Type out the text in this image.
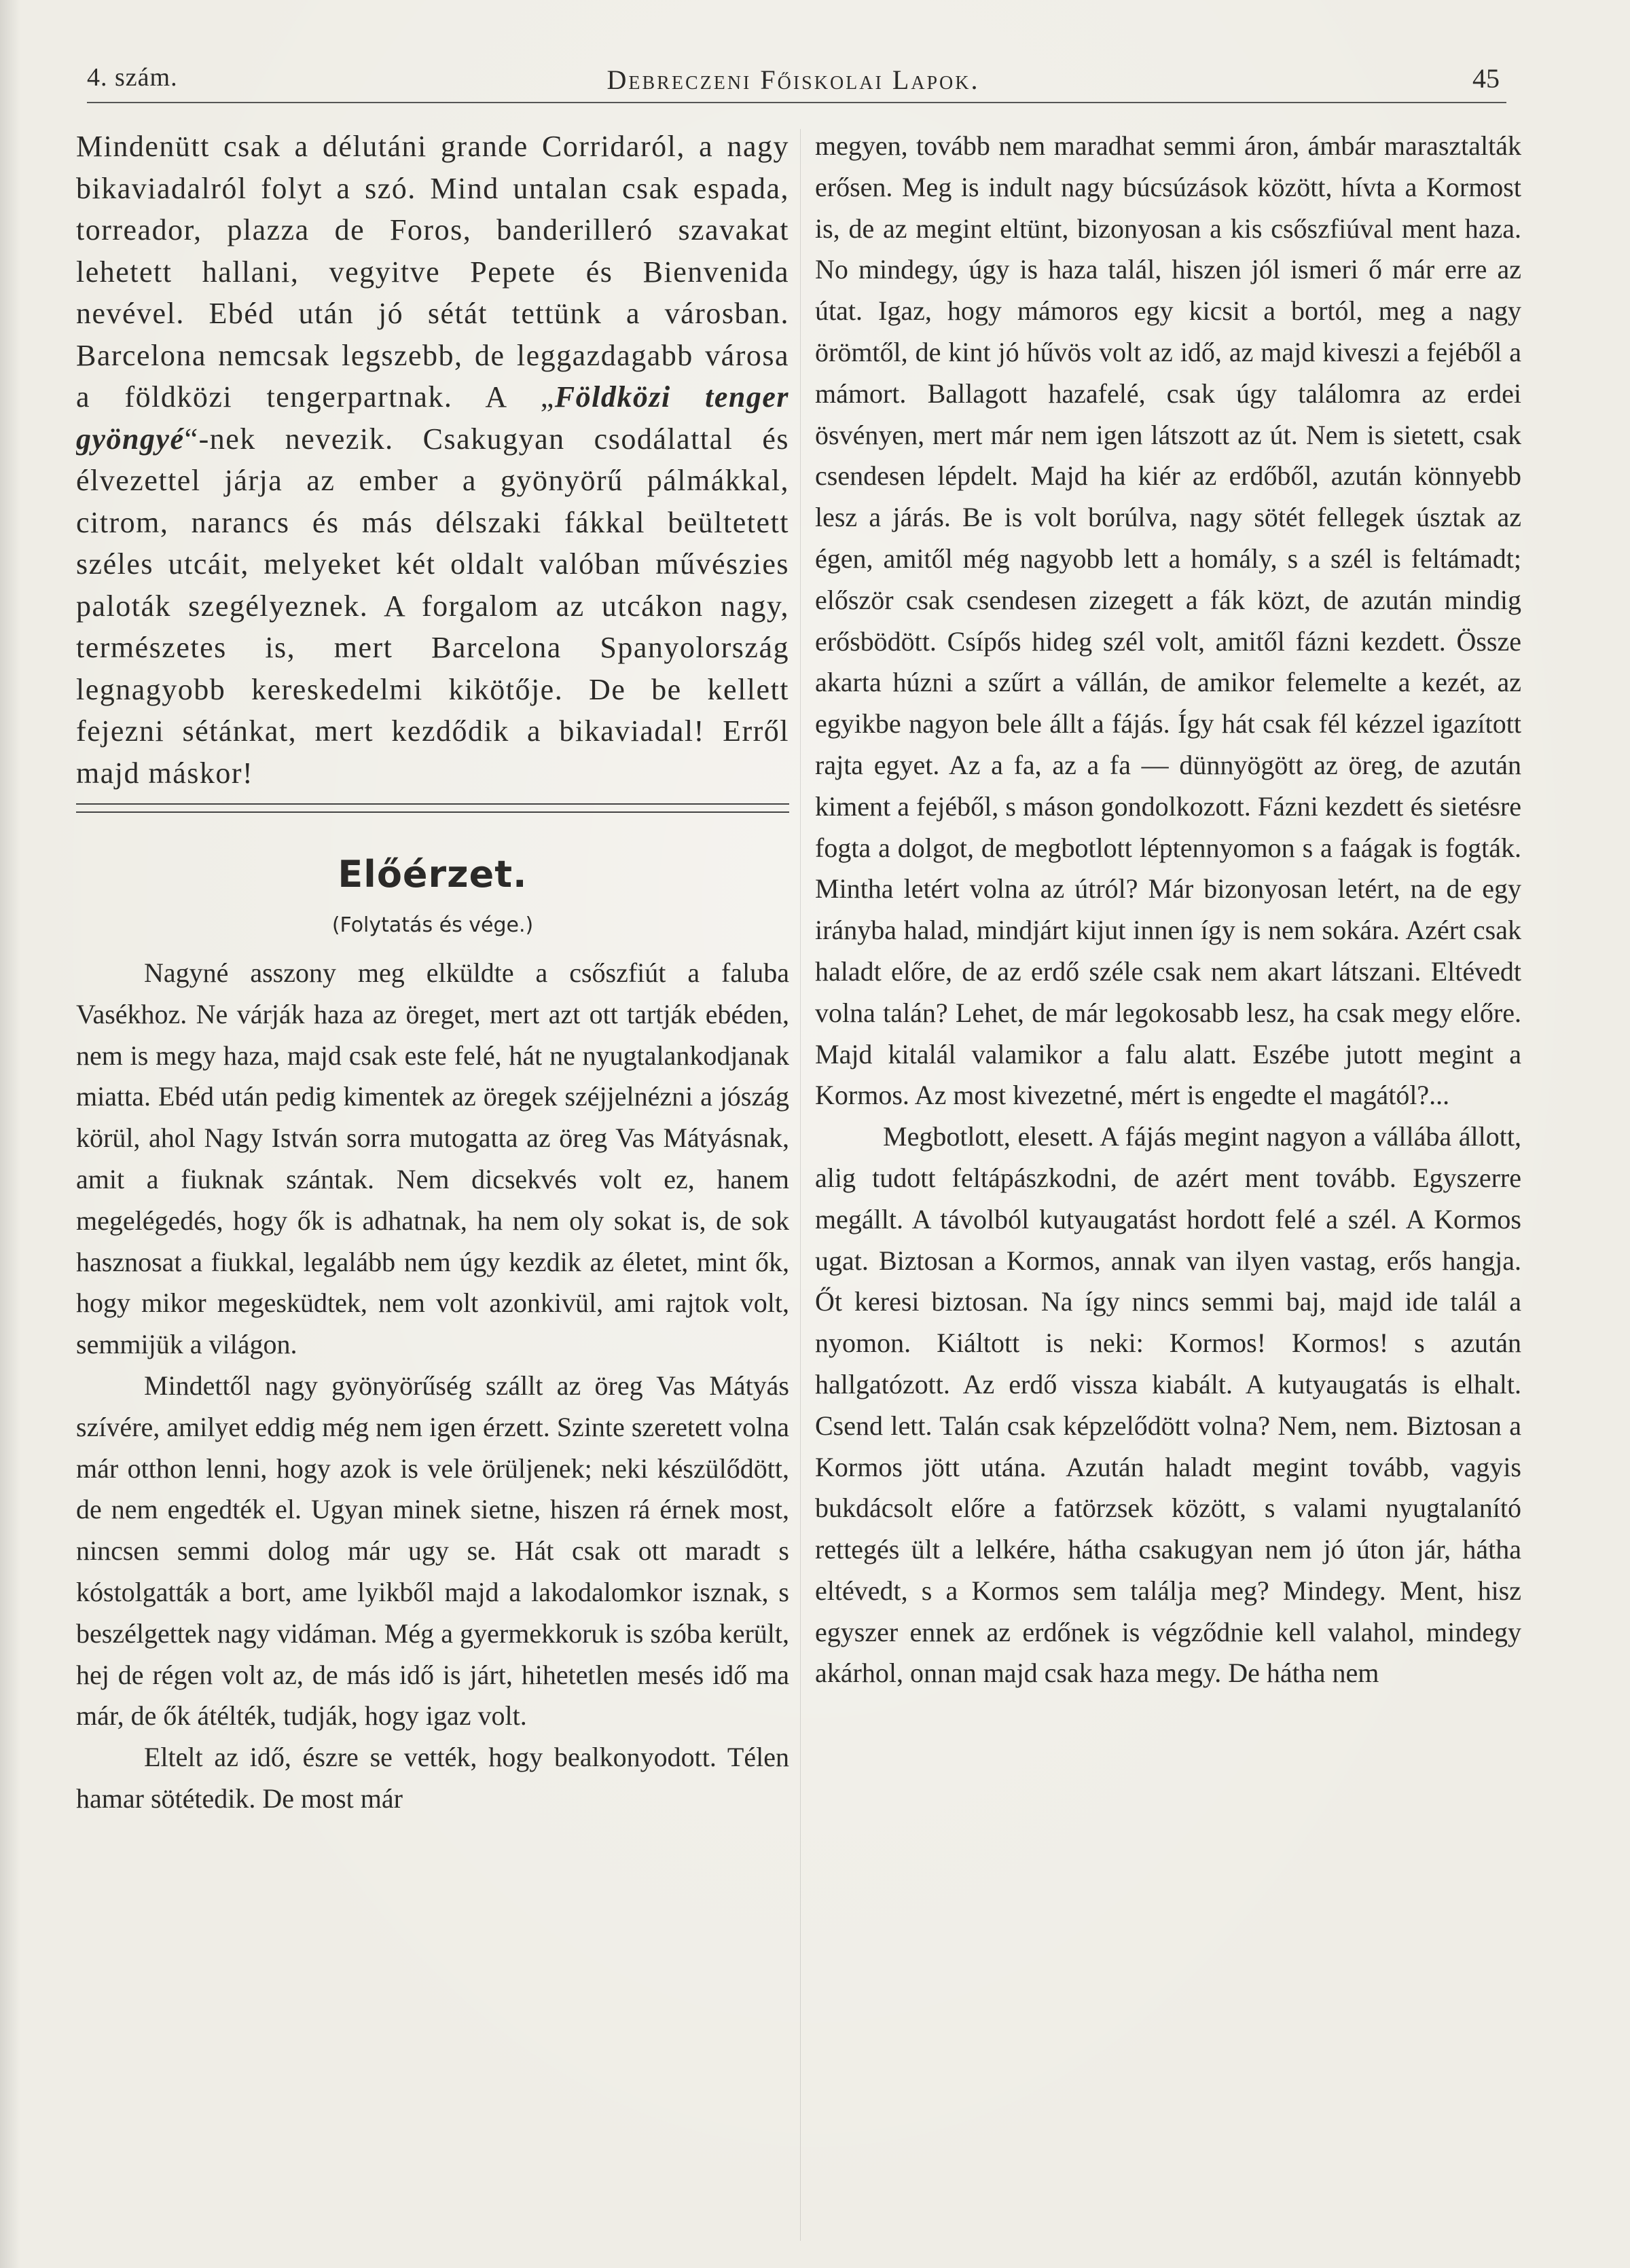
4. szám.	Debreczeni Főiskolai Lapok.	45

Mindenütt csak a délutáni grande Corridaról, a nagy bikaviadalról folyt a szó. Mind untalan csak espada, torreador, plazza de Foros, banderilleró szavakat lehetett hallani, vegyitve Pepete és Bienvenida nevével. Ebéd után jó sétát tettünk a városban. Barcelona nemcsak legszebb, de leggazdagabb városa a földközi tengerpartnak. A „Földközi tenger gyöngyé“-nek nevezik. Csakugyan csodálattal és élvezettel járja az ember a gyönyörű pálmákkal, citrom, narancs és más délszaki fákkal beültetett széles utcáit, melyeket két oldalt valóban művészies paloták szegélyeznek. A forgalom az utcákon nagy, természetes is, mert Barcelona Spanyolország legnagyobb kereskedelmi kikötője. De be kellett fejezni sétánkat, mert kezdődik a bikaviadal! Erről majd máskor!

Előérzet.
(Folytatás és vége.)

Nagyné asszony meg elküldte a csőszfiút a faluba Vasékhoz. Ne várják haza az öreget, mert azt ott tartják ebéden, nem is megy haza, majd csak este felé, hát ne nyugtalankodjanak miatta. Ebéd után pedig kimentek az öregek széjjelnézni a jószág körül, ahol Nagy István sorra mutogatta az öreg Vas Mátyásnak, amit a fiuknak szántak. Nem dicsekvés volt ez, hanem megelégedés, hogy ők is adhatnak, ha nem oly sokat is, de sok hasznosat a fiukkal, legalább nem úgy kezdik az életet, mint ők, hogy mikor megesküdtek, nem volt azonkivül, ami rajtok volt, semmijük a világon.

Mindettől nagy gyönyörűség szállt az öreg Vas Mátyás szívére, amilyet eddig még nem igen érzett. Szinte szeretett volna már otthon lenni, hogy azok is vele örüljenek; neki készülődött, de nem engedték el. Ugyan minek sietne, hiszen rá érnek most, nincsen semmi dolog már ugy se. Hát csak ott maradt s kóstolgatták a bort, ame lyikből majd a lakodalomkor isznak, s beszélgettek nagy vidáman. Még a gyermekkoruk is szóba került, hej de régen volt az, de más idő is járt, hihetetlen mesés idő ma már, de ők átélték, tudják, hogy igaz volt.

Eltelt az idő, észre se vették, hogy bealkonyodott. Télen hamar sötétedik. De most már

megyen, tovább nem maradhat semmi áron, ámbár marasztalták erősen. Meg is indult nagy búcsúzások között, hívta a Kormost is, de az megint eltünt, bizonyosan a kis csőszfiúval ment haza. No mindegy, úgy is haza talál, hiszen jól ismeri ő már erre az útat. Igaz, hogy mámoros egy kicsit a bortól, meg a nagy örömtől, de kint jó hűvös volt az idő, az majd kiveszi a fejéből a mámort. Ballagott hazafelé, csak úgy találomra az erdei ösvényen, mert már nem igen látszott az út. Nem is sietett, csak csendesen lépdelt. Majd ha kiér az erdőből, azután könnyebb lesz a járás. Be is volt borúlva, nagy sötét fellegek úsztak az égen, amitől még nagyobb lett a homály, s a szél is feltámadt; először csak csendesen zizegett a fák közt, de azután mindig erősbödött. Csípős hideg szél volt, amitől fázni kezdett. Össze akarta húzni a szűrt a vállán, de amikor felemelte a kezét, az egyikbe nagyon bele állt a fájás. Így hát csak fél kézzel igazított rajta egyet. Az a fa, az a fa — dünnyögött az öreg, de azután kiment a fejéből, s máson gondolkozott. Fázni kezdett és sietésre fogta a dolgot, de megbotlott léptennyomon s a faágak is fogták. Mintha letért volna az útról? Már bizonyosan letért, na de egy irányba halad, mindjárt kijut innen így is nem sokára. Azért csak haladt előre, de az erdő széle csak nem akart látszani. Eltévedt volna talán? Lehet, de már legokosabb lesz, ha csak megy előre. Majd kitalál valamikor a falu alatt. Eszébe jutott megint a Kormos. Az most kivezetné, mért is engedte el magától?...

Megbotlott, elesett. A fájás megint nagyon a vállába állott, alig tudott feltápászkodni, de azért ment tovább. Egyszerre megállt. A távolból kutyaugatást hordott felé a szél. A Kormos ugat. Biztosan a Kormos, annak van ilyen vastag, erős hangja. Őt keresi biztosan. Na így nincs semmi baj, majd ide talál a nyomon. Kiáltott is neki: Kormos! Kormos! s azután hallgatózott. Az erdő vissza kiabált. A kutyaugatás is elhalt. Csend lett. Talán csak képzelődött volna? Nem, nem. Biztosan a Kormos jött utána. Azután haladt megint tovább, vagyis bukdácsolt előre a fatörzsek között, s valami nyugtalanító rettegés ült a lelkére, hátha csakugyan nem jó úton jár, hátha eltévedt, s a Kormos sem találja meg? Mindegy. Ment, hisz egyszer ennek az erdőnek is végződnie kell valahol, mindegy akárhol, onnan majd csak haza megy. De hátha nem
